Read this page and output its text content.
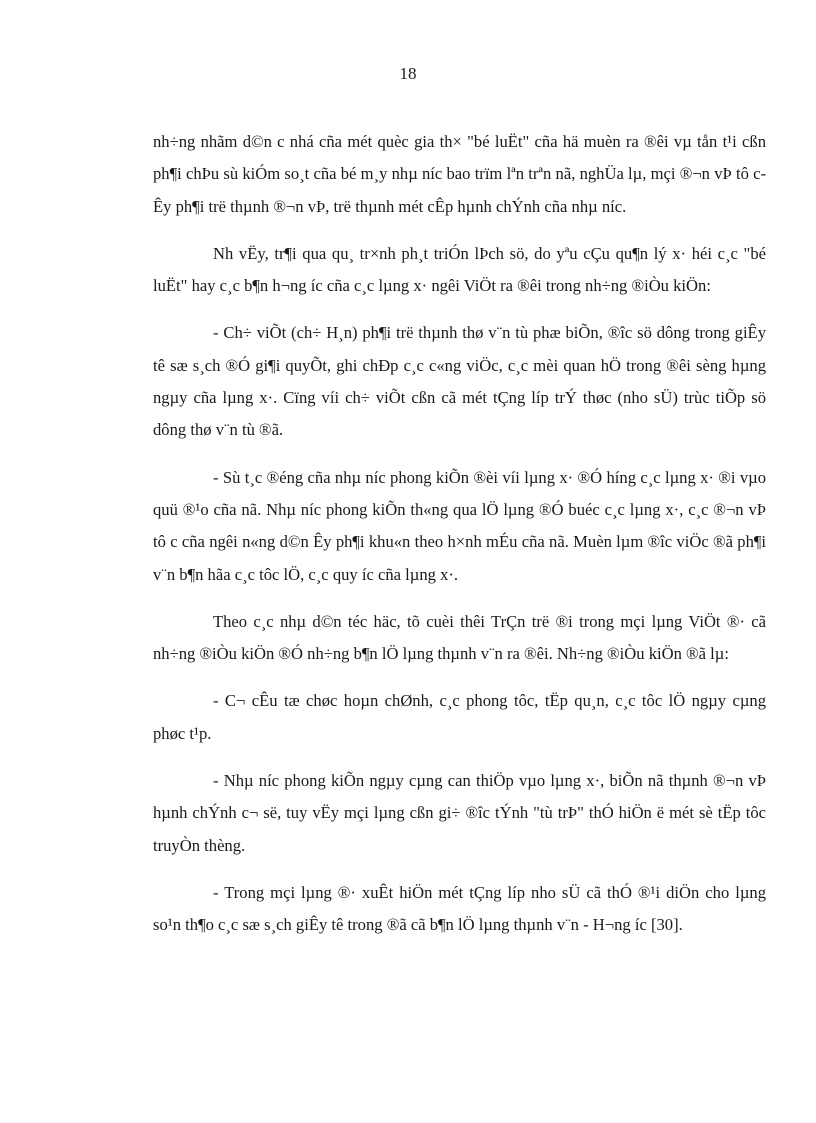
18

nh÷ng nhãm d©n c nhá cña mét quèc gia th× "bé luËt" cña hä muèn ra ®êi vµ tån t¹i cßn ph¶i chÞu sù kiÓm so¸t cña bé m¸y nhµ níc bao trïm lªn trªn nã, nghÜa lµ, mçi ®¬n vÞ tô c Êy ph¶i trë thµnh ®¬n vÞ, trë thµnh mét cÊp hµnh chÝnh cña nhµ níc.

Nh vËy, tr¶i qua qu¸ tr×nh ph¸t triÓn lÞch sö, do yªu cÇu qu¶n lý x· héi c¸c "bé luËt" hay c¸c b¶n h¬ng íc cña c¸c lµng x· ngêi ViÖt ra ®êi trong nh÷ng ®iÒu kiÖn:

- Ch÷ viÕt (ch÷ H¸n) ph¶i trë thµnh thø v¨n tù phæ biÕn, ®îc sö dông trong giÊy tê sæ s¸ch ®Ó gi¶i quyÕt, ghi chÐp c¸c c«ng viÖc, c¸c mèi quan hÖ trong ®êi sèng hµng ngµy cña lµng x·. Cïng víi ch÷ viÕt cßn cã mét tÇng líp trÝ thøc (nho sÜ) trùc tiÕp sö dông thø v¨n tù ®ã.

- Sù t¸c ®éng cña nhµ níc phong kiÕn ®èi víi lµng x· ®Ó híng c¸c lµng x· ®i vµo quü ®¹o cña nã. Nhµ níc phong kiÕn th«ng qua lÖ lµng ®Ó buéc c¸c lµng x·, c¸c ®¬n vÞ tô c cña ngêi n«ng d©n Êy ph¶i khu«n theo h×nh mÉu cña nã. Muèn lµm ®îc viÖc ®ã ph¶i v¨n b¶n hãa c¸c tôc lÖ, c¸c quy íc cña lµng x·.

Theo c¸c nhµ d©n téc häc, tõ cuèi thêi TrÇn trë ®i trong mçi lµng ViÖt ®· cã nh÷ng ®iÒu kiÖn ®Ó nh÷ng b¶n lÖ lµng thµnh v¨n ra ®êi. Nh÷ng ®iÒu kiÖn ®ã lµ:

- C¬ cÊu tæ chøc hoµn chØnh, c¸c phong tôc, tËp qu¸n, c¸c tôc lÖ ngµy cµng phøc t¹p.

- Nhµ níc phong kiÕn ngµy cµng can thiÖp vµo lµng x·, biÕn nã thµnh ®¬n vÞ hµnh chÝnh c¬ së, tuy vËy mçi lµng cßn gi÷ ®îc tÝnh "tù trÞ" thÓ hiÖn ë mét sè tËp tôc truyÒn thèng.

- Trong mçi lµng ®· xuÊt hiÖn mét tÇng líp nho sÜ cã thÓ ®¹i diÖn cho lµng so¹n th¶o c¸c sæ s¸ch giÊy tê trong ®ã cã b¶n lÖ lµng thµnh v¨n - H¬ng íc [30].
